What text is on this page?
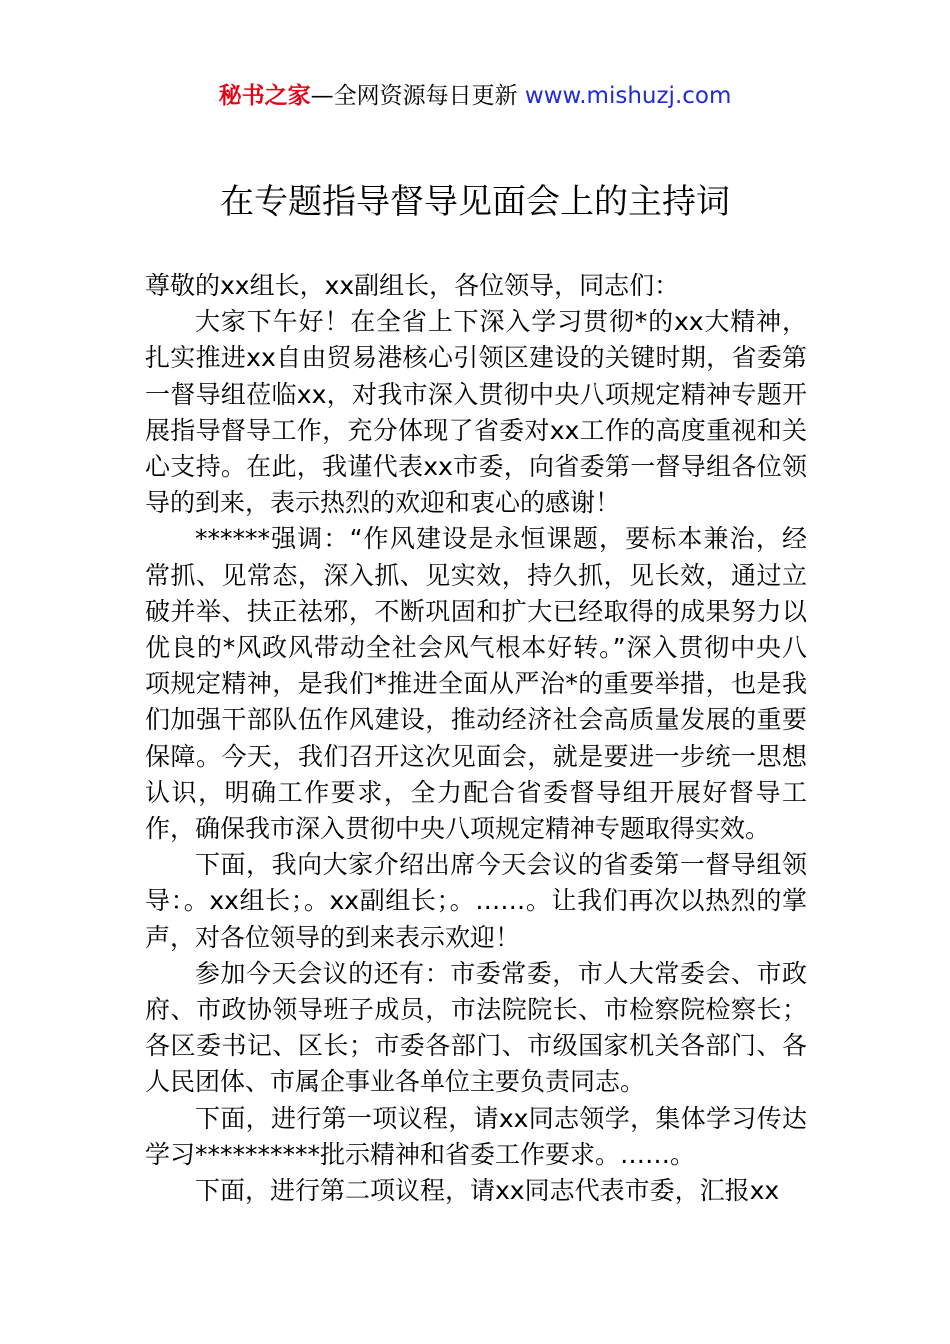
秘书之家—全网资源每日更新 www.mishuzj.com
在专题指导督导见面会上的主持词

尊敬的xx组长，xx副组长，各位领导，同志们：

大家下午好！在全省上下深入学习贯彻*的xx大精神，扎实推进xx自由贸易港核心引领区建设的关键时期，省委第一督导组莅临xx，对我市深入贯彻中央八项规定精神专题开展指导督导工作，充分体现了省委对xx工作的高度重视和关心支持。在此，我谨代表xx市委，向省委第一督导组各位领导的到来，表示热烈的欢迎和衷心的感谢！

******强调：“作风建设是永恒课题，要标本兼治，经常抓、见常态，深入抓、见实效，持久抓，见长效，通过立破并举、扶正祛邪，不断巩固和扩大已经取得的成果努力以优良的*风政风带动全社会风气根本好转。”深入贯彻中央八项规定精神，是我们*推进全面从严治*的重要举措，也是我们加强干部队伍作风建设，推动经济社会高质量发展的重要保障。今天，我们召开这次见面会，就是要进一步统一思想认识，明确工作要求，全力配合省委督导组开展好督导工作，确保我市深入贯彻中央八项规定精神专题取得实效。

下面，我向大家介绍出席今天会议的省委第一督导组领导：。xx组长；。xx副组长；。……。让我们再次以热烈的掌声，对各位领导的到来表示欢迎！

参加今天会议的还有：市委常委，市人大常委会、市政府、市政协领导班子成员，市法院院长、市检察院检察长；各区委书记、区长；市委各部门、市级国家机关各部门、各人民团体、市属企事业各单位主要负责同志。

下面，进行第一项议程，请xx同志领学，集体学习传达学习**********批示精神和省委工作要求。……。

下面，进行第二项议程，请xx同志代表市委，汇报xx
